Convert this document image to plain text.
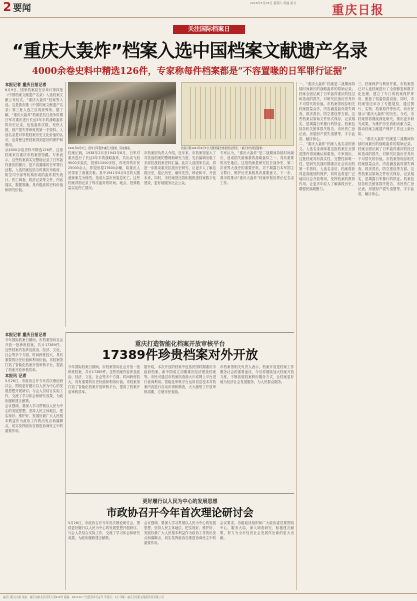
2 要闻
2016年5月28日 星期六 责编 版式	重庆日报
关注国际档案日
“重庆大轰炸”档案入选中国档案文献遗产名录
4000余卷史料中精选126件，专家称每件档案都是“不容置喙的日军罪行证据”
本报记者 重庆日报记者
6月9日，国家档案局在京举行第四批《中国档案文献遗产名录》入选档案文献公布仪式，“重庆大轰炸”档案等入选。这是我市继《中国档案文献遗产名录》第三批入选之后再获殊荣。据了解，“重庆大轰炸”档案是抗日战争时期日军对重庆进行长达5年半的战略轰炸的历史记录，包括轰炸次数、死伤人数、财产损失等珍贵的第一手资料。入选名录是对申报档案历史文化价值的认可，也将使这些档案得到更好的保护和利用。
从4000余卷史料中精选126件，这批档案来自重庆市档案馆馆藏。专家表示，这些档案真实完整地记录了日军轰炸重庆的暴行，是不容置喙的日军罪行证据。入选档案包括当时重庆市政府、防空司令部等机构形成的轰炸损失统计、伤亡调查、救济记录等文件，内容翔实，数据准确，具有极高的史料价值和研究价值。
1941年6月5日，侵华日军轰炸重庆大隧道，造成惨案。	档案记载1941年6月5日大隧道窒息惨案相关情况。（重庆市档案馆提供）
档案记载，1938年2月至1943年8月，日军对重庆进行了长达5年半的战略轰炸，共出动飞机9000多架次，投弹11500多枚，炸死炸伤市民25000余人，炸毁房屋17600余幢，给重庆人民带来了深重灾难。其中1941年6月5日的大隧道惨案尤为惨烈，造成大量市民窒息死亡。这些档案详细记录了每次轰炸的时间、地点、投弹数量以及伤亡情况。
市档案馆负责人介绍，近年来，市档案馆加大了对抗战档案的整理和研究力度，先后编辑出版了多部抗战档案史料汇编。此次入选国家名录，将进一步推动重庆抗战历史研究，让更多人了解这段历史，铭记历史，缅怀先烈，珍爱和平，开创未来。同时，市档案馆还将积极推进档案数字化建设，更好地服务社会公众。
专家认为，“重庆大轰炸”是二战期间持续时间最长、造成损失最惨重的战略轰炸之一，具有重要的历史地位。这批档案是研究抗日战争史、第二次世界大战史的重要史料，对于揭露日本军国主义罪行、维护历史真相具有重要意义。下一步，我市将推动“重庆大轰炸”档案申报世界记忆名录工作。
一、“重庆大轰炸”档案是二战期间持续时间最长的战略轰炸的原始记录。档案全面记载了日军轰炸重庆的经过和造成的损失，对研究抗战历史具有不可替代的价值。市档案馆现存相关档案数量众多，内容涵盖轰炸损失调查、救济善后、防空建设等方面。这些档案以原始文件形式保存，记录翔实，是揭露日军暴行的铁证。档案包括各机关团体损失报告、市民伤亡登记表、房屋财产损失清册等，字字血泪，触目惊心。
二、“重庆大轰炸”档案入选名录的意义。入选名录意味着这批档案在全国范围内得到确认和重视。专家指出，这批档案具有真实性、完整性和唯一性，是研究抗战时期重庆社会状况的第一手资料。入选名录后，档案将获得更高级别的保护，同时也将更广泛地向社会开放利用，发挥档案的教育作用，让更多年轻人了解那段历史，增强民族凝聚力。
三、档案保护与利用并重。市档案馆已对入选档案进行了全面修复和数字化处理，建立了专门的档案保护库房，配备了恒温恒湿设备。同时，市档案馆还举办了专题展览，通过图片、实物、档案原件等形式，向市民展示“重庆大轰炸”的历史。今后，市档案馆将继续深化研究，推出更多研究成果，为维护历史真相贡献力量，推动档案文献遗产保护工作迈上新台阶。
一、“重庆大轰炸”档案是二战期间持续时间最长的战略轰炸的原始记录。档案全面记载了日军轰炸重庆的经过和造成的损失，对研究抗战历史具有不可替代的价值。市档案馆现存相关档案数量众多，内容涵盖轰炸损失调查、救济善后、防空建设等方面。这些档案以原始文件形式保存，记录翔实，是揭露日军暴行的铁证。档案包括各机关团体损失报告、市民伤亡登记表、房屋财产损失清册等，字字血泪，触目惊心。
本报记者 重庆日报记者
今年国际档案日期间，市档案馆向社会开放一批珍贵档案，共计17389件。这些档案内容涉及政治、经济、文化、社会等多个方面，时间跨度较大，具有重要的历史价值和利用价值。市档案馆打造了智能化档案开放审核平台，提高了档案开放审核效率。
本报讯 记者
5月26日，市政协召开今年首次理论研讨会，围绕更好履行以人民为中心的发展思想开展研讨。与会人员结合实际工作，交流了学习体会和研究成果，为政协履职建言献策。
会议强调，要深入学习贯彻以人民为中心的发展思想，坚持人民主体地位，把实现好、维护好、发展好最广大人民根本利益作为政协工作的出发点和落脚点，切实发挥政协在推进协商民主中的重要作用。
重庆打造智能化档案开放审核平台
17389件珍贵档案对外开放
今年国际档案日期间，市档案馆向社会开放一批珍贵档案，共计17389件。这些档案内容涉及政治、经济、文化、社会等多个方面，时间跨度较大，具有重要的历史价值和利用价值。市档案馆打造了智能化档案开放审核平台，提高了档案开放审核效率。
据介绍，本次开放的档案中包括民国时期重庆市政府档案、新中国成立初期重庆经济建设档案等。市民可通过市档案馆查阅大厅或网上平台进行查询利用。智能化审核平台运用信息技术对档案内容进行自动识别和筛查，大大缩短了开放审核周期，方便市民查阅。
市档案馆相关负责人表示，档案开放是档案工作服务社会的重要途径，今后将继续加大档案开放力度，不断拓展档案利用服务方式，让档案更好地为经济社会发展服务，为人民群众服务。
更好履行以人民为中心的发展思想
市政协召开今年首次理论研讨会
5月26日，市政协召开今年首次理论研讨会，围绕更好履行以人民为中心的发展思想开展研讨。与会人员结合实际工作，交流了学习体会和研究成果，为政协履职建言献策。
会议强调，要深入学习贯彻以人民为中心的发展思想，坚持人民主体地位，把实现好、维护好、发展好最广大人民根本利益作为政协工作的出发点和落脚点，切实发挥政协在推进协商民主中的重要作用。
会议要求，各级政协组织和广大政协委员要围绕中心、服务大局，深入调查研究，积极建言献策，努力为全市经济社会发展作出新的更大贡献。
重庆日报社出版 地址：重庆市渝北区同茂大道416号 邮编：401120 广告经营许可证号 零售价：1元 印刷：重庆日报报业集团印务有限公司
